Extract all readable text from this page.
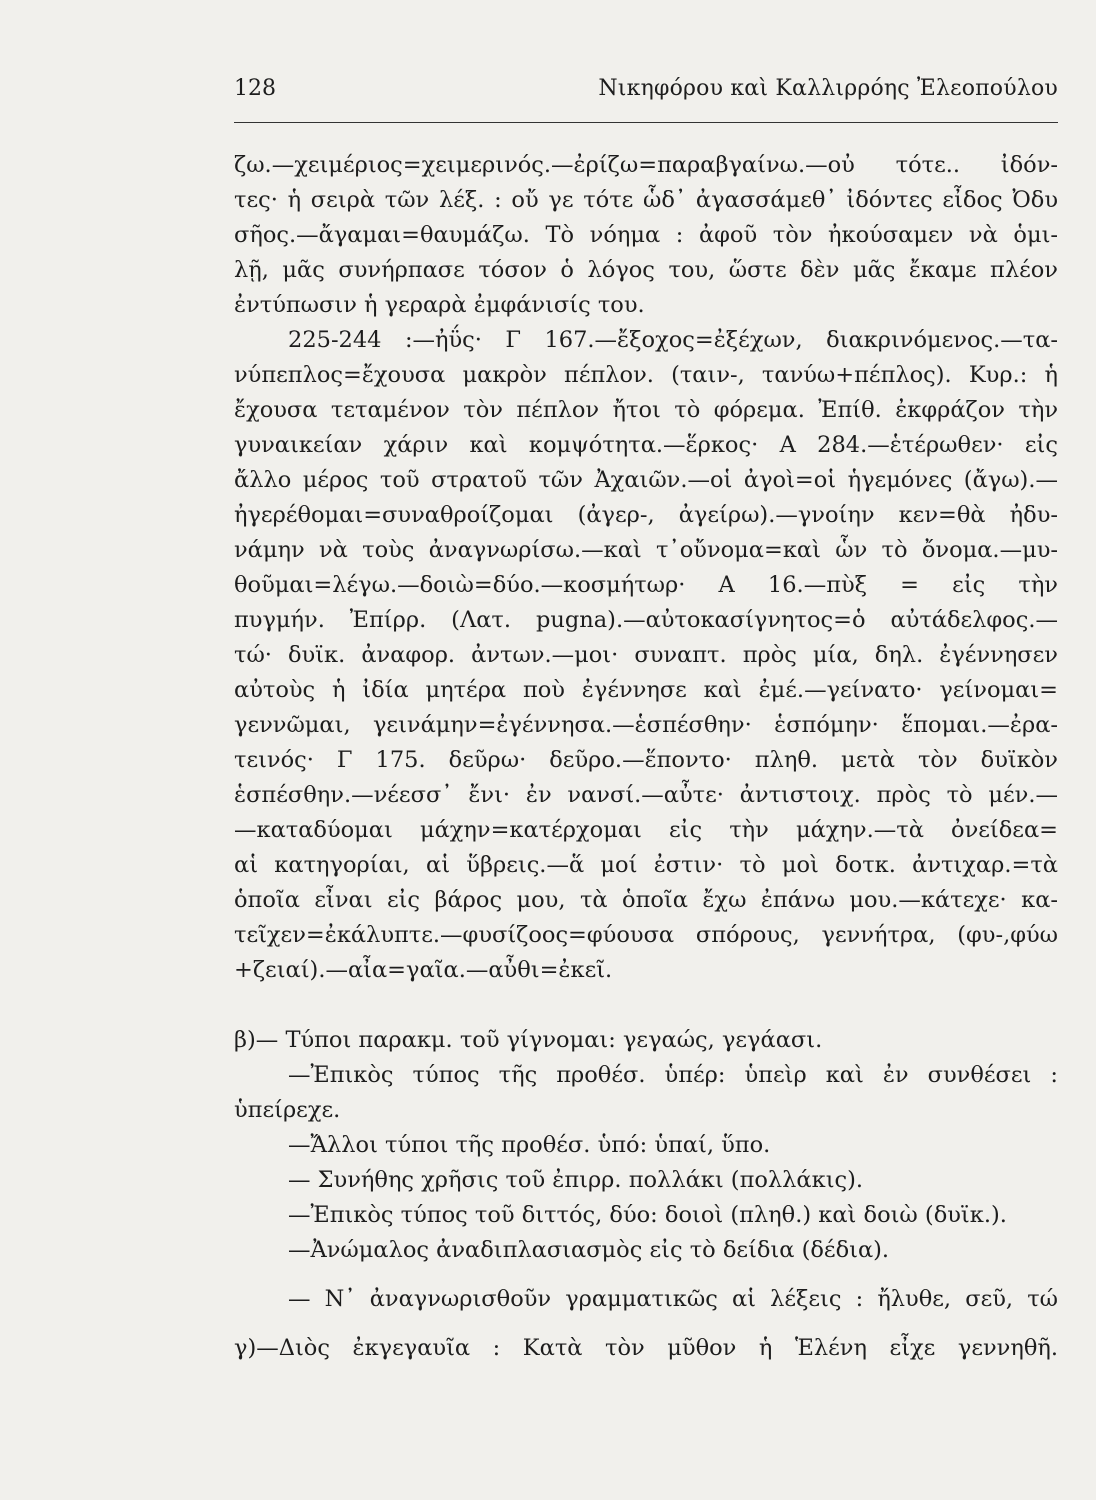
128	Νικηφόρου καὶ Καλλιρρόης Ἐλεοπούλου
ζω.—χειμέριος=χειμερινός.—ἐρίζω=παραβγαίνω.—οὐ τότε.. ἰδόν-
τες· ἡ σειρὰ τῶν λέξ. : οὔ γε τότε ὧδ᾽ ἀγασσάμεθ᾽ ἰδόντες εἶδος Ὀδυ
σῆος.—ἄγαμαι=θαυμάζω. Τὸ νόημα : ἀφοῦ τὸν ἠκούσαμεν νὰ ὁμι-
λῇ, μᾶς συνήρπασε τόσον ὁ λόγος του, ὥστε δὲν μᾶς ἔκαμε πλέον
ἐντύπωσιν ἡ γεραρὰ ἐμφάνισίς του.
225-244 :—ἠΰς· Γ 167.—ἔξοχος=ἐξέχων, διακρινόμενος.—τα-
νύπεπλος=ἔχουσα μακρὸν πέπλον. (ταιν-, τανύω+πέπλος). Κυρ.: ἡ
ἔχουσα τεταμένον τὸν πέπλον ἤτοι τὸ φόρεμα. Ἐπίθ. ἐκφράζον τὴν
γυναικείαν χάριν καὶ κομψότητα.—ἕρκος· Α 284.—ἑτέρωθεν· εἰς
ἄλλο μέρος τοῦ στρατοῦ τῶν Ἀχαιῶν.—οἱ ἀγοὶ=οἱ ἡγεμόνες (ἄγω).—
ἠγερέθομαι=συναθροίζομαι (ἀγερ-, ἀγείρω).—γνοίην κεν=θὰ ἠδυ-
νάμην νὰ τοὺς ἀναγνωρίσω.—καὶ τ᾽οὔνομα=καὶ ὧν τὸ ὄνομα.—μυ-
θοῦμαι=λέγω.—δοιὼ=δύο.—κοσμήτωρ· Α 16.—πὺξ = εἰς τὴν
πυγμήν. Ἐπίρρ. (Λατ. pugna).—αὐτοκασίγνητος=ὁ αὐτάδελφος.—
τώ· δυϊκ. ἀναφορ. ἀντων.—μοι· συναπτ. πρὸς μία, δηλ. ἐγέννησεν
αὐτοὺς ἡ ἰδία μητέρα ποὺ ἐγέννησε καὶ ἐμέ.—γείνατο· γείνομαι=
γεννῶμαι, γεινάμην=ἐγέννησα.—ἑσπέσθην· ἑσπόμην· ἕπομαι.—ἐρα-
τεινός· Γ 175. δεῦρω· δεῦρο.—ἕποντο· πληθ. μετὰ τὸν δυϊκὸν
ἑσπέσθην.—νέεσσ᾽ ἔνι· ἐν νανσί.—αὖτε· ἀντιστοιχ. πρὸς τὸ μέν.—
—καταδύομαι μάχην=κατέρχομαι εἰς τὴν μάχην.—τὰ ὀνείδεα=
αἱ κατηγορίαι, αἱ ὕβρεις.—ἅ μοί ἐστιν· τὸ μοὶ δοτκ. ἀντιχαρ.=τὰ
ὁποῖα εἶναι εἰς βάρος μου, τὰ ὁποῖα ἔχω ἐπάνω μου.—κάτεχε· κα-
τεῖχεν=ἐκάλυπτε.—φυσίζοος=φύουσα σπόρους, γεννήτρα, (φυ-,φύω
+ζειαί).—αἶα=γαῖα.—αὖθι=ἐκεῖ.
β)— Τύποι παρακμ. τοῦ γίγνομαι: γεγαώς, γεγάασι.
—Ἐπικὸς τύπος τῆς προθέσ. ὑπέρ: ὑπεὶρ καὶ ἐν συνθέσει :
ὑπείρεχε.
—Ἄλλοι τύποι τῆς προθέσ. ὑπό: ὑπαί, ὕπο.
— Συνήθης χρῆσις τοῦ ἐπιρρ. πολλάκι (πολλάκις).
—Ἐπικὸς τύπος τοῦ διττός, δύο: δοιοὶ (πληθ.) καὶ δοιὼ (δυϊκ.).
—Ἀνώμαλος ἀναδιπλασιασμὸς εἰς τὸ δείδια (δέδια).
— Ν᾽ ἀναγνωρισθοῦν γραμματικῶς αἱ λέξεις : ἤλυθε, σεῦ, τώ
γ)—Διὸς ἐκγεγαυῖα : Κατὰ τὸν μῦθον ἡ Ἑλένη εἶχε γεννηθῆ.
